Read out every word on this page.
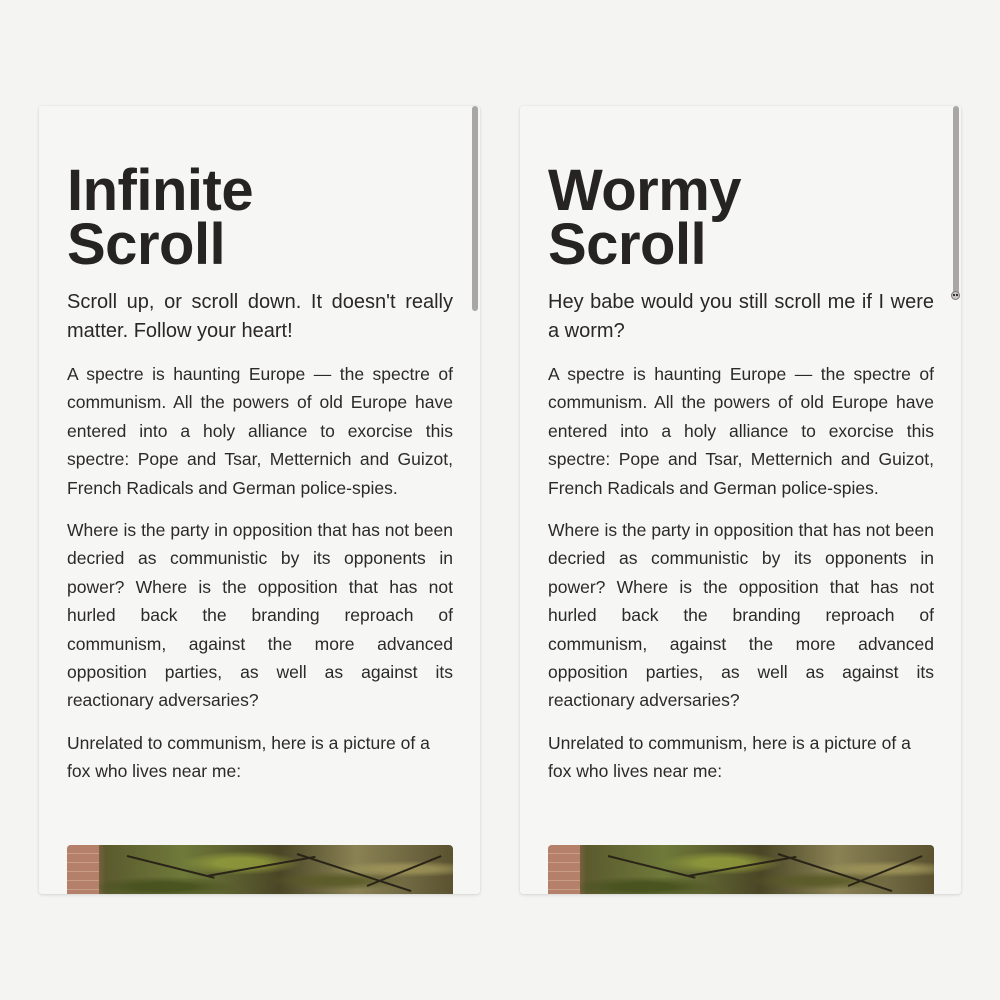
Infinite
Scroll

Scroll up, or scroll down. It doesn't really matter. Follow your heart!

A spectre is haunting Europe — the spectre of communism. All the powers of old Europe have entered into a holy alliance to exorcise this spectre: Pope and Tsar, Metternich and Guizot, French Radicals and German police-spies.

Where is the party in opposition that has not been decried as communistic by its opponents in power? Where is the opposition that has not hurled back the branding reproach of communism, against the more advanced opposition parties, as well as against its reactionary adversaries?

Unrelated to communism, here is a picture of a fox who lives near me:

Wormy
Scroll

Hey babe would you still scroll me if I were a worm?

A spectre is haunting Europe — the spectre of communism. All the powers of old Europe have entered into a holy alliance to exorcise this spectre: Pope and Tsar, Metternich and Guizot, French Radicals and German police-spies.

Where is the party in opposition that has not been decried as communistic by its opponents in power? Where is the opposition that has not hurled back the branding reproach of communism, against the more advanced opposition parties, as well as against its reactionary adversaries?

Unrelated to communism, here is a picture of a fox who lives near me:
